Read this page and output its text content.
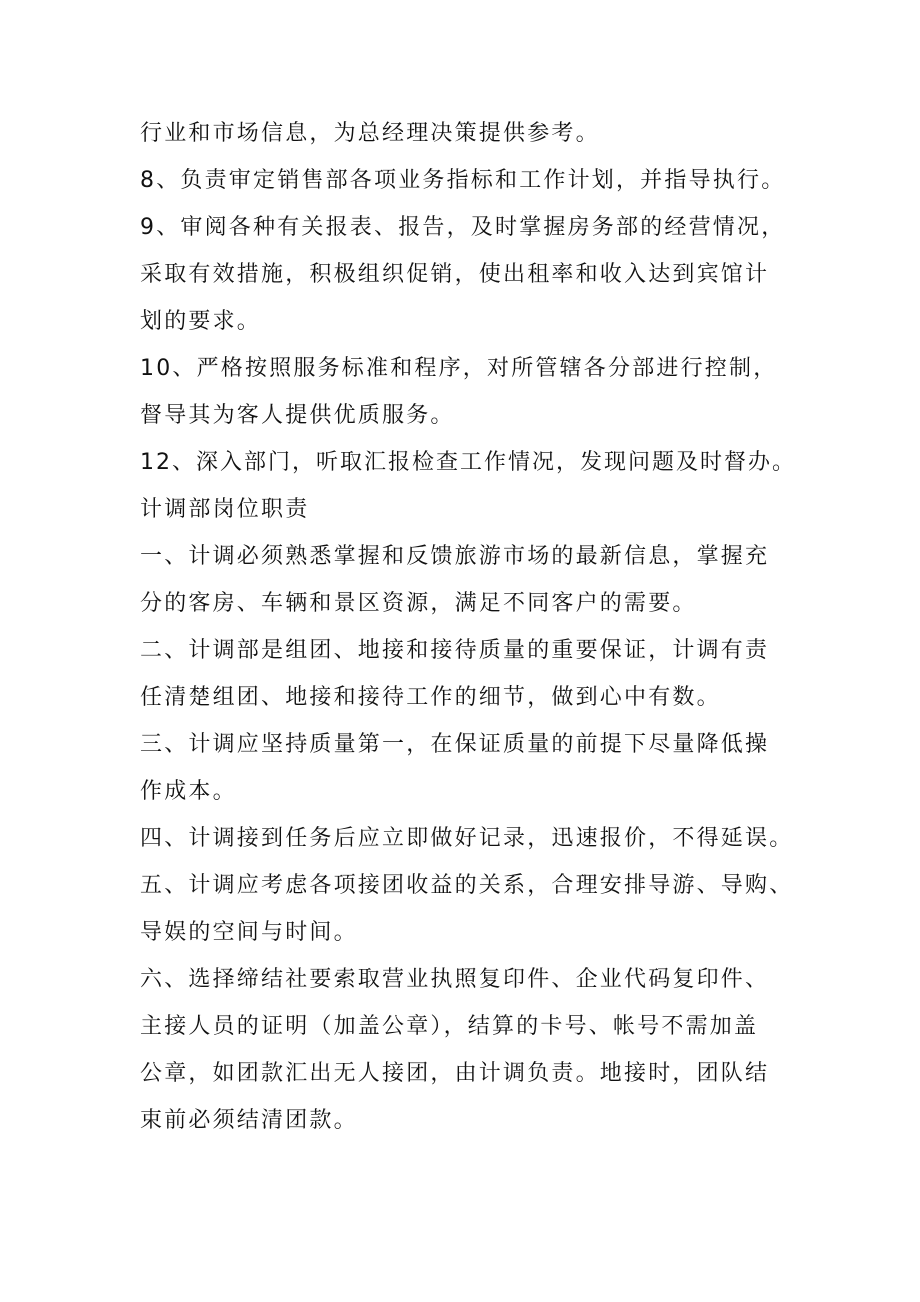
行业和市场信息，为总经理决策提供参考。
8、负责审定销售部各项业务指标和工作计划，并指导执行。
9、审阅各种有关报表、报告，及时掌握房务部的经营情况，
采取有效措施，积极组织促销，使出租率和收入达到宾馆计
划的要求。
10、严格按照服务标准和程序，对所管辖各分部进行控制，
督导其为客人提供优质服务。
12、深入部门，听取汇报检查工作情况，发现问题及时督办。
计调部岗位职责
一、计调必须熟悉掌握和反馈旅游市场的最新信息，掌握充
分的客房、车辆和景区资源，满足不同客户的需要。
二、计调部是组团、地接和接待质量的重要保证，计调有责
任清楚组团、地接和接待工作的细节，做到心中有数。
三、计调应坚持质量第一，在保证质量的前提下尽量降低操
作成本。
四、计调接到任务后应立即做好记录，迅速报价，不得延误。
五、计调应考虑各项接团收益的关系，合理安排导游、导购、
导娱的空间与时间。
六、选择缔结社要索取营业执照复印件、企业代码复印件、
主接人员的证明（加盖公章），结算的卡号、帐号不需加盖
公章，如团款汇出无人接团，由计调负责。地接时，团队结
束前必须结清团款。
